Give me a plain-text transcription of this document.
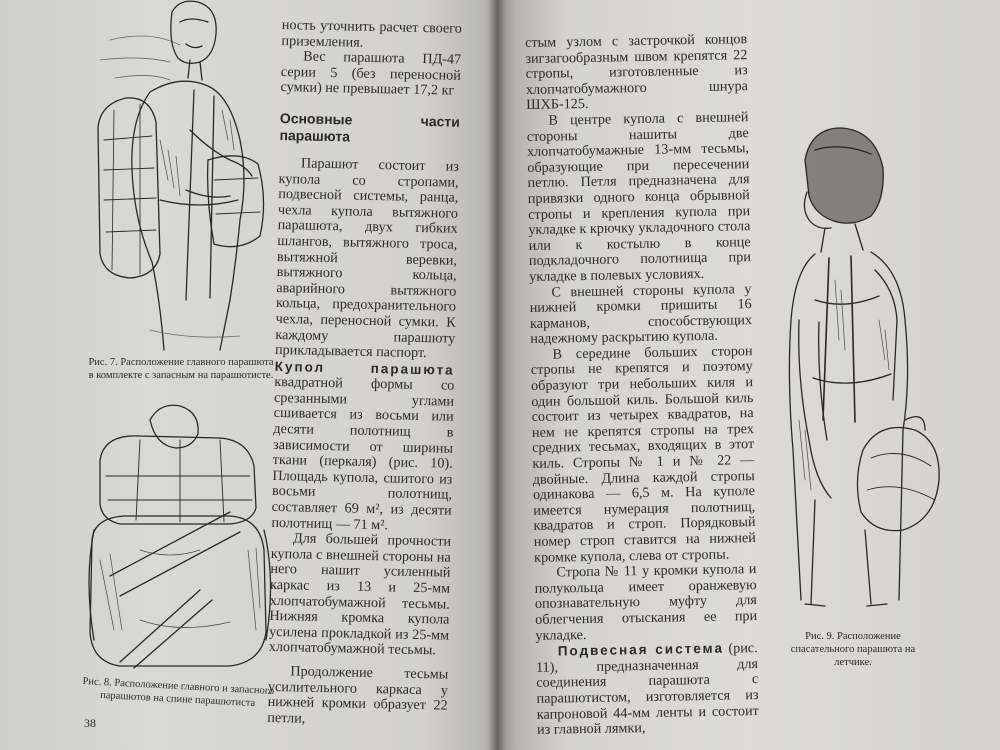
Рис. 7. Расположение главного парашюта в комплекте с запасным на парашютисте.
Рис. 8. Расположение главного и запасного парашютов на спине парашютиста
38

ность уточнить расчет своего приземления.

Вес парашюта ПД-47 серии 5 (без переносной сумки) не превышает 17,2 кг

Основные части парашюта

Парашют состоит из купола со стропами, подвесной системы, ранца, чехла купола вытяжного парашюта, двух гибких шлангов, вытяжного троса, вытяжной веревки, вытяжного кольца, аварийного вытяжного кольца, предохранительного чехла, переносной сумки. К каждому парашюту прикладывается паспорт.

Купол парашюта квадратной формы со срезанными углами сшивается из восьми или десяти полотнищ в зависимости от ширины ткани (перкаля) (рис. 10). Площадь купола, сшитого из восьми полотнищ, составляет 69 м², из десяти полотнищ — 71 м².

Для большей прочности купола с внешней стороны на него нашит усиленный каркас из 13 и 25-мм хлопчатобумажной тесьмы. Нижняя кромка купола усилена прокладкой из 25-мм хлопчатобумажной тесьмы.

Продолжение тесьмы усилительного каркаса у нижней кромки образует 22 петли,

стым узлом с застрочкой концов зигзагообразным швом крепятся 22 стропы, изготовленные из хлопчатобумажного шнура ШХБ-125.

В центре купола с внешней стороны нашиты две хлопчатобумажные 13-мм тесьмы, образующие при пересечении петлю. Петля предназначена для привязки одного конца обрывной стропы и крепления купола при укладке к крючку укладочного стола или к костылю в конце подкладочного полотнища при укладке в полевых условиях.

С внешней стороны купола у нижней кромки пришиты 16 карманов, способствующих надежному раскрытию купола.

В середине больших сторон стропы не крепятся и поэтому образуют три небольших киля и один большой киль. Большой киль состоит из четырех квадратов, на нем не крепятся стропы на трех средних тесьмах, входящих в этот киль. Стропы № 1 и № 22 — двойные. Длина каждой стропы одинакова — 6,5 м. На куполе имеется нумерация полотнищ, квадратов и строп. Порядковый номер строп ставится на нижней кромке купола, слева от стропы.

Стропа № 11 у кромки купола и полукольца имеет оранжевую опознавательную муфту для облегчения отыскания ее при укладке.

Подвесная система (рис. 11), предназначенная для соединения парашюта с парашютистом, изготовляется из капроновой 44-мм ленты и состоит из главной лямки,

Рис. 9. Расположение спасательного парашюта на летчике.
